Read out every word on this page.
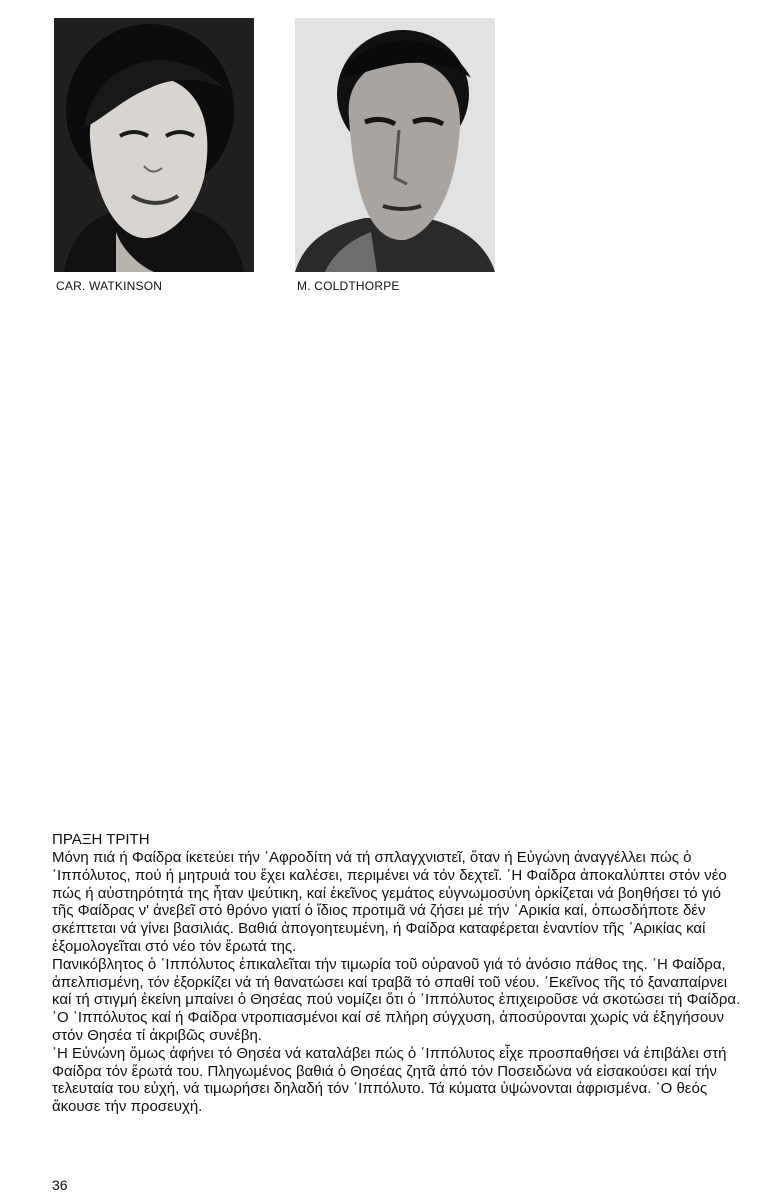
CAR. WATKINSON	M. COLDTHORPE
ΠΡΑΞΗ ΤΡΙΤΗ

Μόνη πιά ή Φαίδρα ίκετεύει τήν ᾿Αφροδίτη νά τή σπλαγχνιστεῖ, ὅταν ή Εὐγώνη ἀναγγέλλει πώς ὁ ῾Ιππόλυτος, πού ή μητρυιά του ἔχει καλέσει, περιμένει νά τόν δεχτεῖ. ῾Η Φαίδρα ἀποκαλύπτει στόν νέο πώς ή αὐστηρότητά της ἦταν ψεύτικη, καί ἐκεῖνος γεμάτος εὐγνωμοσύνη ὁρκίζεται νά βοηθήσει τό γιό τῆς Φαίδρας ν' ἀνεβεῖ στό θρόνο γιατί ὁ ἴδιος προτιμᾶ νά ζήσει μέ τήν ᾿Αρικία καί, ὁπωσδήποτε δέν σκέπτεται νά γίνει βασιλιάς. Βαθιά ἀπογοητευμένη, ή Φαίδρα καταφέρεται ἐναντίον τῆς ᾿Αρικίας καί ἐξομολογεῖται στό νέο τόν ἔρωτά της.

Πανικόβλητος ὁ ῾Ιππόλυτος ἐπικαλεῖται τήν τιμωρία τοῦ οὐρανοῦ γιά τό ἀνόσιο πάθος της. ῾Η Φαίδρα, ἀπελπισμένη, τόν ἐξορκίζει νά τή θανατώσει καί τραβᾶ τό σπαθί τοῦ νέου. ᾿Εκεῖνος τῆς τό ξαναπαίρνει καί τή στιγμή ἐκείνη μπαίνει ὁ Θησέας πού νομίζει ὅτι ὁ ῾Ιππόλυτος ἐπιχειροῦσε νά σκοτώσει τή Φαίδρα. ῾Ο ῾Ιππόλυτος καί ή Φαίδρα ντροπιασμένοι καί σέ πλήρη σύγχυση, ἀποσύρονται χωρίς νά ἐξηγήσουν στόν Θησέα τί ἀκριβῶς συνέβη.

῾Η Εὐνώνη ὅμως ἀφήνει τό Θησέα νά καταλάβει πώς ὁ ῾Ιππόλυτος εἶχε προσπαθήσει νά ἐπιβάλει στή Φαίδρα τόν ἔρωτά του. Πληγωμένος βαθιά ὁ Θησέας ζητᾶ ἀπό τόν Ποσειδώνα νά εἰσακούσει καί τήν τελευταία του εὐχή, νά τιμωρήσει δηλαδή τόν ῾Ιππόλυτο. Τά κύματα ὑψώνονται ἀφρισμένα. ῾Ο θεός ἄκουσε τήν προσευχή.

36
